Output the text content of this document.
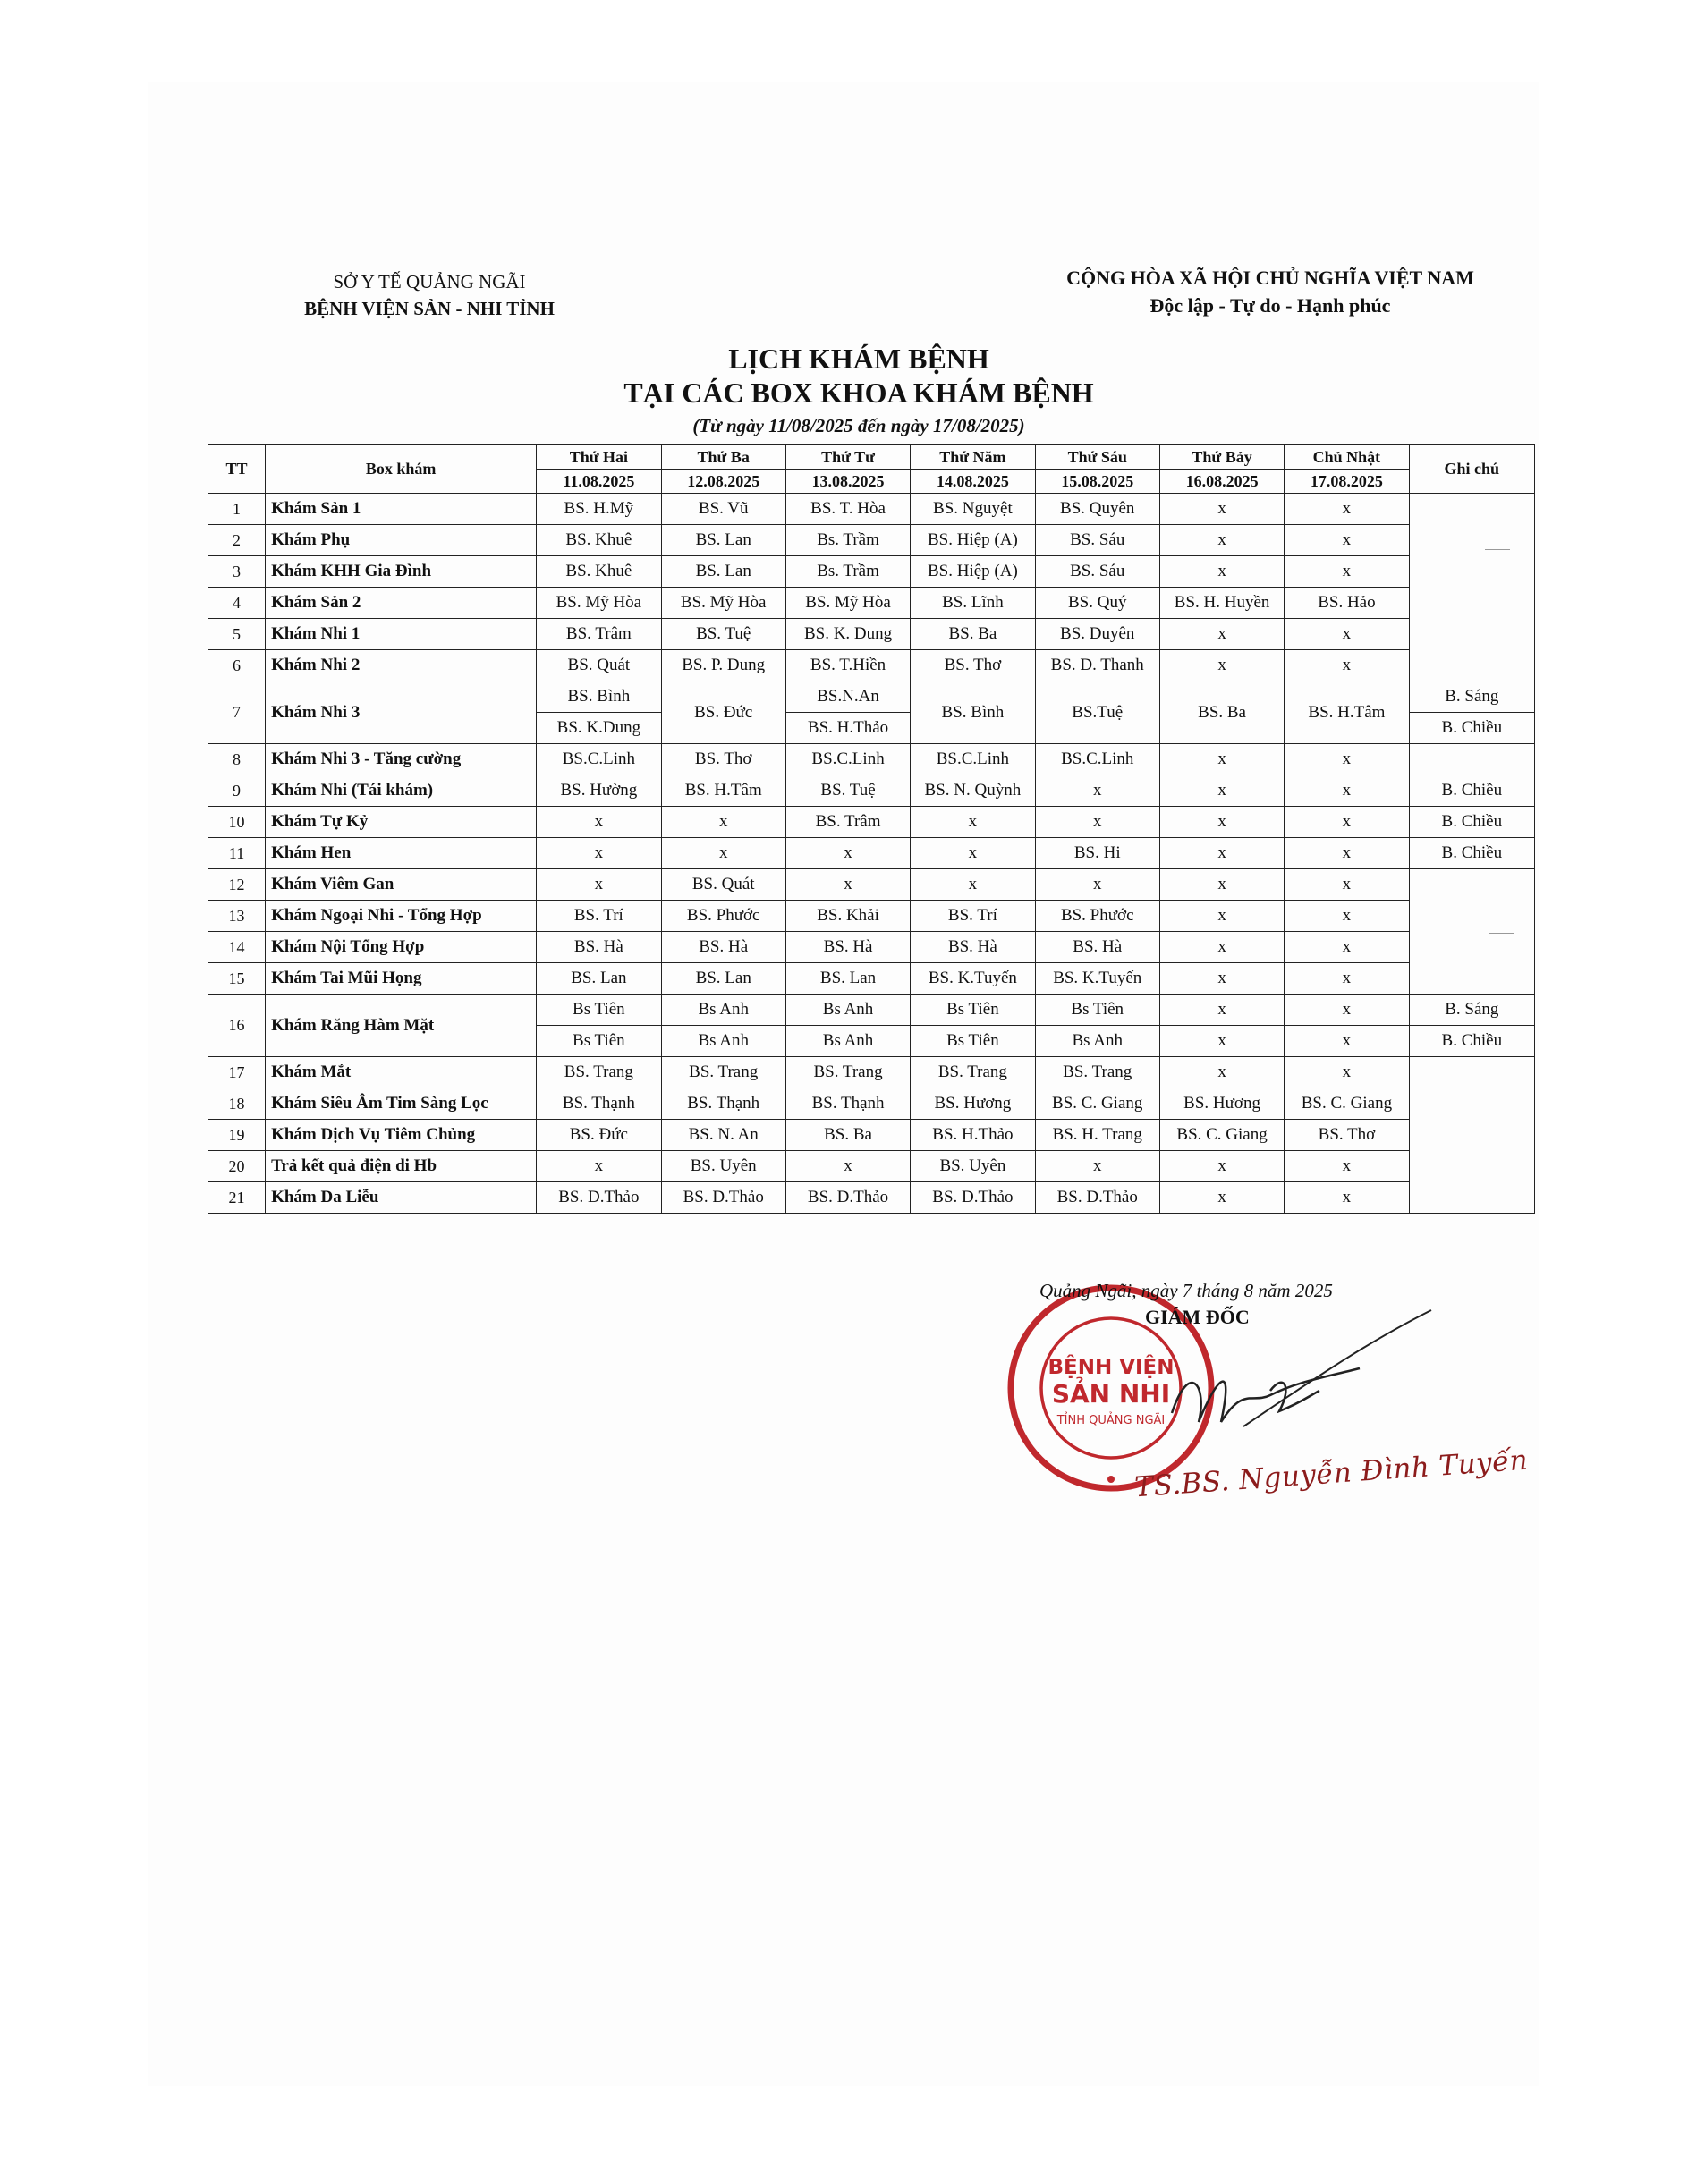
SỞ Y TẾ QUẢNG NGÃI
BỆNH VIỆN SẢN - NHI TỈNH
CỘNG HÒA XÃ HỘI CHỦ NGHĨA VIỆT NAM
Độc lập - Tự do - Hạnh phúc
LỊCH KHÁM BỆNH
TẠI CÁC BOX KHOA KHÁM BỆNH
(Từ ngày 11/08/2025 đến ngày 17/08/2025)
TT	Box khám	Thứ Hai	Thứ Ba	Thứ Tư	Thứ Năm	Thứ Sáu	Thứ Bảy	Chủ Nhật	Ghi chú
		11.08.2025	12.08.2025	13.08.2025	14.08.2025	15.08.2025	16.08.2025	17.08.2025	
1	Khám Sản 1	BS. H.Mỹ	BS. Vũ	BS. T. Hòa	BS. Nguyệt	BS. Quyên	x	x	
2	Khám Phụ	BS. Khuê	BS. Lan	Bs. Trầm	BS. Hiệp (A)	BS. Sáu	x	x	
3	Khám KHH Gia Đình	BS. Khuê	BS. Lan	Bs. Trầm	BS. Hiệp (A)	BS. Sáu	x	x	
4	Khám Sản 2	BS. Mỹ Hòa	BS. Mỹ Hòa	BS. Mỹ Hòa	BS. Lĩnh	BS. Quý	BS. H. Huyền	BS. Hảo	
5	Khám Nhi 1	BS. Trâm	BS. Tuệ	BS. K. Dung	BS. Ba	BS. Duyên	x	x	
6	Khám Nhi 2	BS. Quát	BS. P. Dung	BS. T.Hiền	BS. Thơ	BS. D. Thanh	x	x	
7	Khám Nhi 3	BS. Bình	BS. Đức	BS.N.An	BS. Bình	BS.Tuệ	BS. Ba	BS. H.Tâm	B. Sáng
		BS. K.Dung		BS. H.Thảo					B. Chiều
8	Khám Nhi 3 - Tăng cường	BS.C.Linh	BS. Thơ	BS.C.Linh	BS.C.Linh	BS.C.Linh	x	x	
9	Khám Nhi (Tái khám)	BS. Hường	BS. H.Tâm	BS. Tuệ	BS. N. Quỳnh	x	x	x	B. Chiều
10	Khám Tự Kỷ	x	x	BS. Trâm	x	x	x	x	B. Chiều
11	Khám Hen	x	x	x	x	BS. Hi	x	x	B. Chiều
12	Khám Viêm Gan	x	BS. Quát	x	x	x	x	x	
13	Khám Ngoại Nhi - Tổng Hợp	BS. Trí	BS. Phước	BS. Khải	BS. Trí	BS. Phước	x	x	
14	Khám Nội Tổng Hợp	BS. Hà	BS. Hà	BS. Hà	BS. Hà	BS. Hà	x	x	
15	Khám Tai Mũi Họng	BS. Lan	BS. Lan	BS. Lan	BS. K.Tuyến	BS. K.Tuyến	x	x	
16	Khám Răng Hàm Mặt	Bs Tiên	Bs Anh	Bs Anh	Bs Tiên	Bs Tiên	x	x	B. Sáng
		Bs Tiên	Bs Anh	Bs Anh	Bs Tiên	Bs Anh	x	x	B. Chiều
17	Khám Mắt	BS. Trang	BS. Trang	BS. Trang	BS. Trang	BS. Trang	x	x	
18	Khám Siêu Âm Tim Sàng Lọc	BS. Thạnh	BS. Thạnh	BS. Thạnh	BS. Hương	BS. C. Giang	BS. Hương	BS. C. Giang	
19	Khám Dịch Vụ Tiêm Chủng	BS. Đức	BS. N. An	BS. Ba	BS. H.Thảo	BS. H. Trang	BS. C. Giang	BS. Thơ	
20	Trả kết quả điện di Hb	x	BS. Uyên	x	BS. Uyên	x	x	x	
21	Khám Da Liễu	BS. D.Thảo	BS. D.Thảo	BS. D.Thảo	BS. D.Thảo	BS. D.Thảo	x	x	
BỆNH VIỆN
SẢN NHI
TỈNH QUẢNG NGÃI
Quảng Ngãi, ngày 7 tháng 8 năm 2025
GIÁM ĐỐC
TS.BS. Nguyễn Đình Tuyến
